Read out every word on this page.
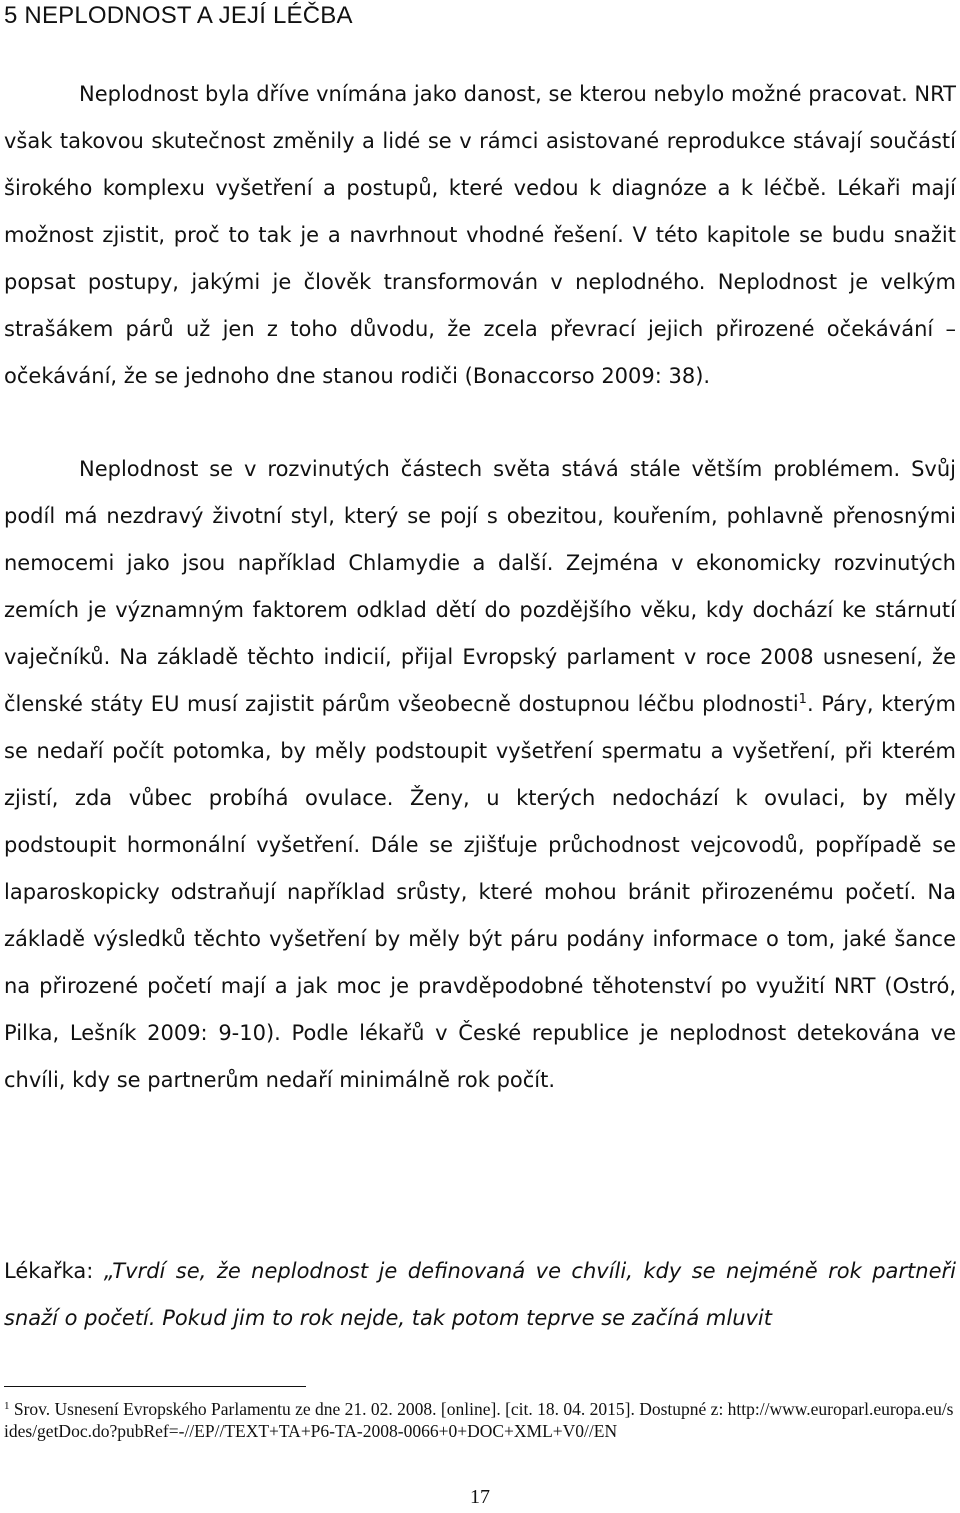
5 NEPLODNOST A JEJÍ LÉČBA

Neplodnost byla dříve vnímána jako danost, se kterou nebylo možné pracovat. NRT však takovou skutečnost změnily a lidé se v rámci asistované reprodukce stávají součástí širokého komplexu vyšetření a postupů, které vedou k diagnóze a k léčbě. Lékaři mají možnost zjistit, proč to tak je a navrhnout vhodné řešení. V této kapitole se budu snažit popsat postupy, jakými je člověk transformován v neplodného. Neplodnost je velkým strašákem párů už jen z toho důvodu, že zcela převrací jejich přirozené očekávání – očekávání, že se jednoho dne stanou rodiči (Bonaccorso 2009: 38).

Neplodnost se v rozvinutých částech světa stává stále větším problémem. Svůj podíl má nezdravý životní styl, který se pojí s obezitou, kouřením, pohlavně přenosnými nemocemi jako jsou například Chlamydie a další. Zejména v ekonomicky rozvinutých zemích je významným faktorem odklad dětí do pozdějšího věku, kdy dochází ke stárnutí vaječníků. Na základě těchto indicií, přijal Evropský parlament v roce 2008 usnesení, že členské státy EU musí zajistit párům všeobecně dostupnou léčbu plodnosti$^1$. Páry, kterým se nedaří počít potomka, by měly podstoupit vyšetření spermatu a vyšetření, při kterém zjistí, zda vůbec probíhá ovulace. Ženy, u kterých nedochází k ovulaci, by měly podstoupit hormonální vyšetření. Dále se zjišťuje průchodnost vejcovodů, popřípadě se laparoskopicky odstraňují například srůsty, které mohou bránit přirozenému početí. Na základě výsledků těchto vyšetření by měly být páru podány informace o tom, jaké šance na přirozené početí mají a jak moc je pravděpodobné těhotenství po využití NRT (Ostró, Pilka, Lešník 2009: 9-10). Podle lékařů v České republice je neplodnost detekována ve chvíli, kdy se partnerům nedaří minimálně rok počít.

Lékařka: „Tvrdí se, že neplodnost je definovaná ve chvíli, kdy se nejméně rok partneři snaží o početí. Pokud jim to rok nejde, tak potom teprve se začíná mluvit

$^1$ Srov. Usnesení Evropského Parlamentu ze dne 21. 02. 2008. [online]. [cit. 18. 04. 2015]. Dostupné z: http://www.europarl.europa.eu/sides/getDoc.do?pubRef=-//EP//TEXT+TA+P6-TA-2008-0066+0+DOC+XML+V0//EN

17
